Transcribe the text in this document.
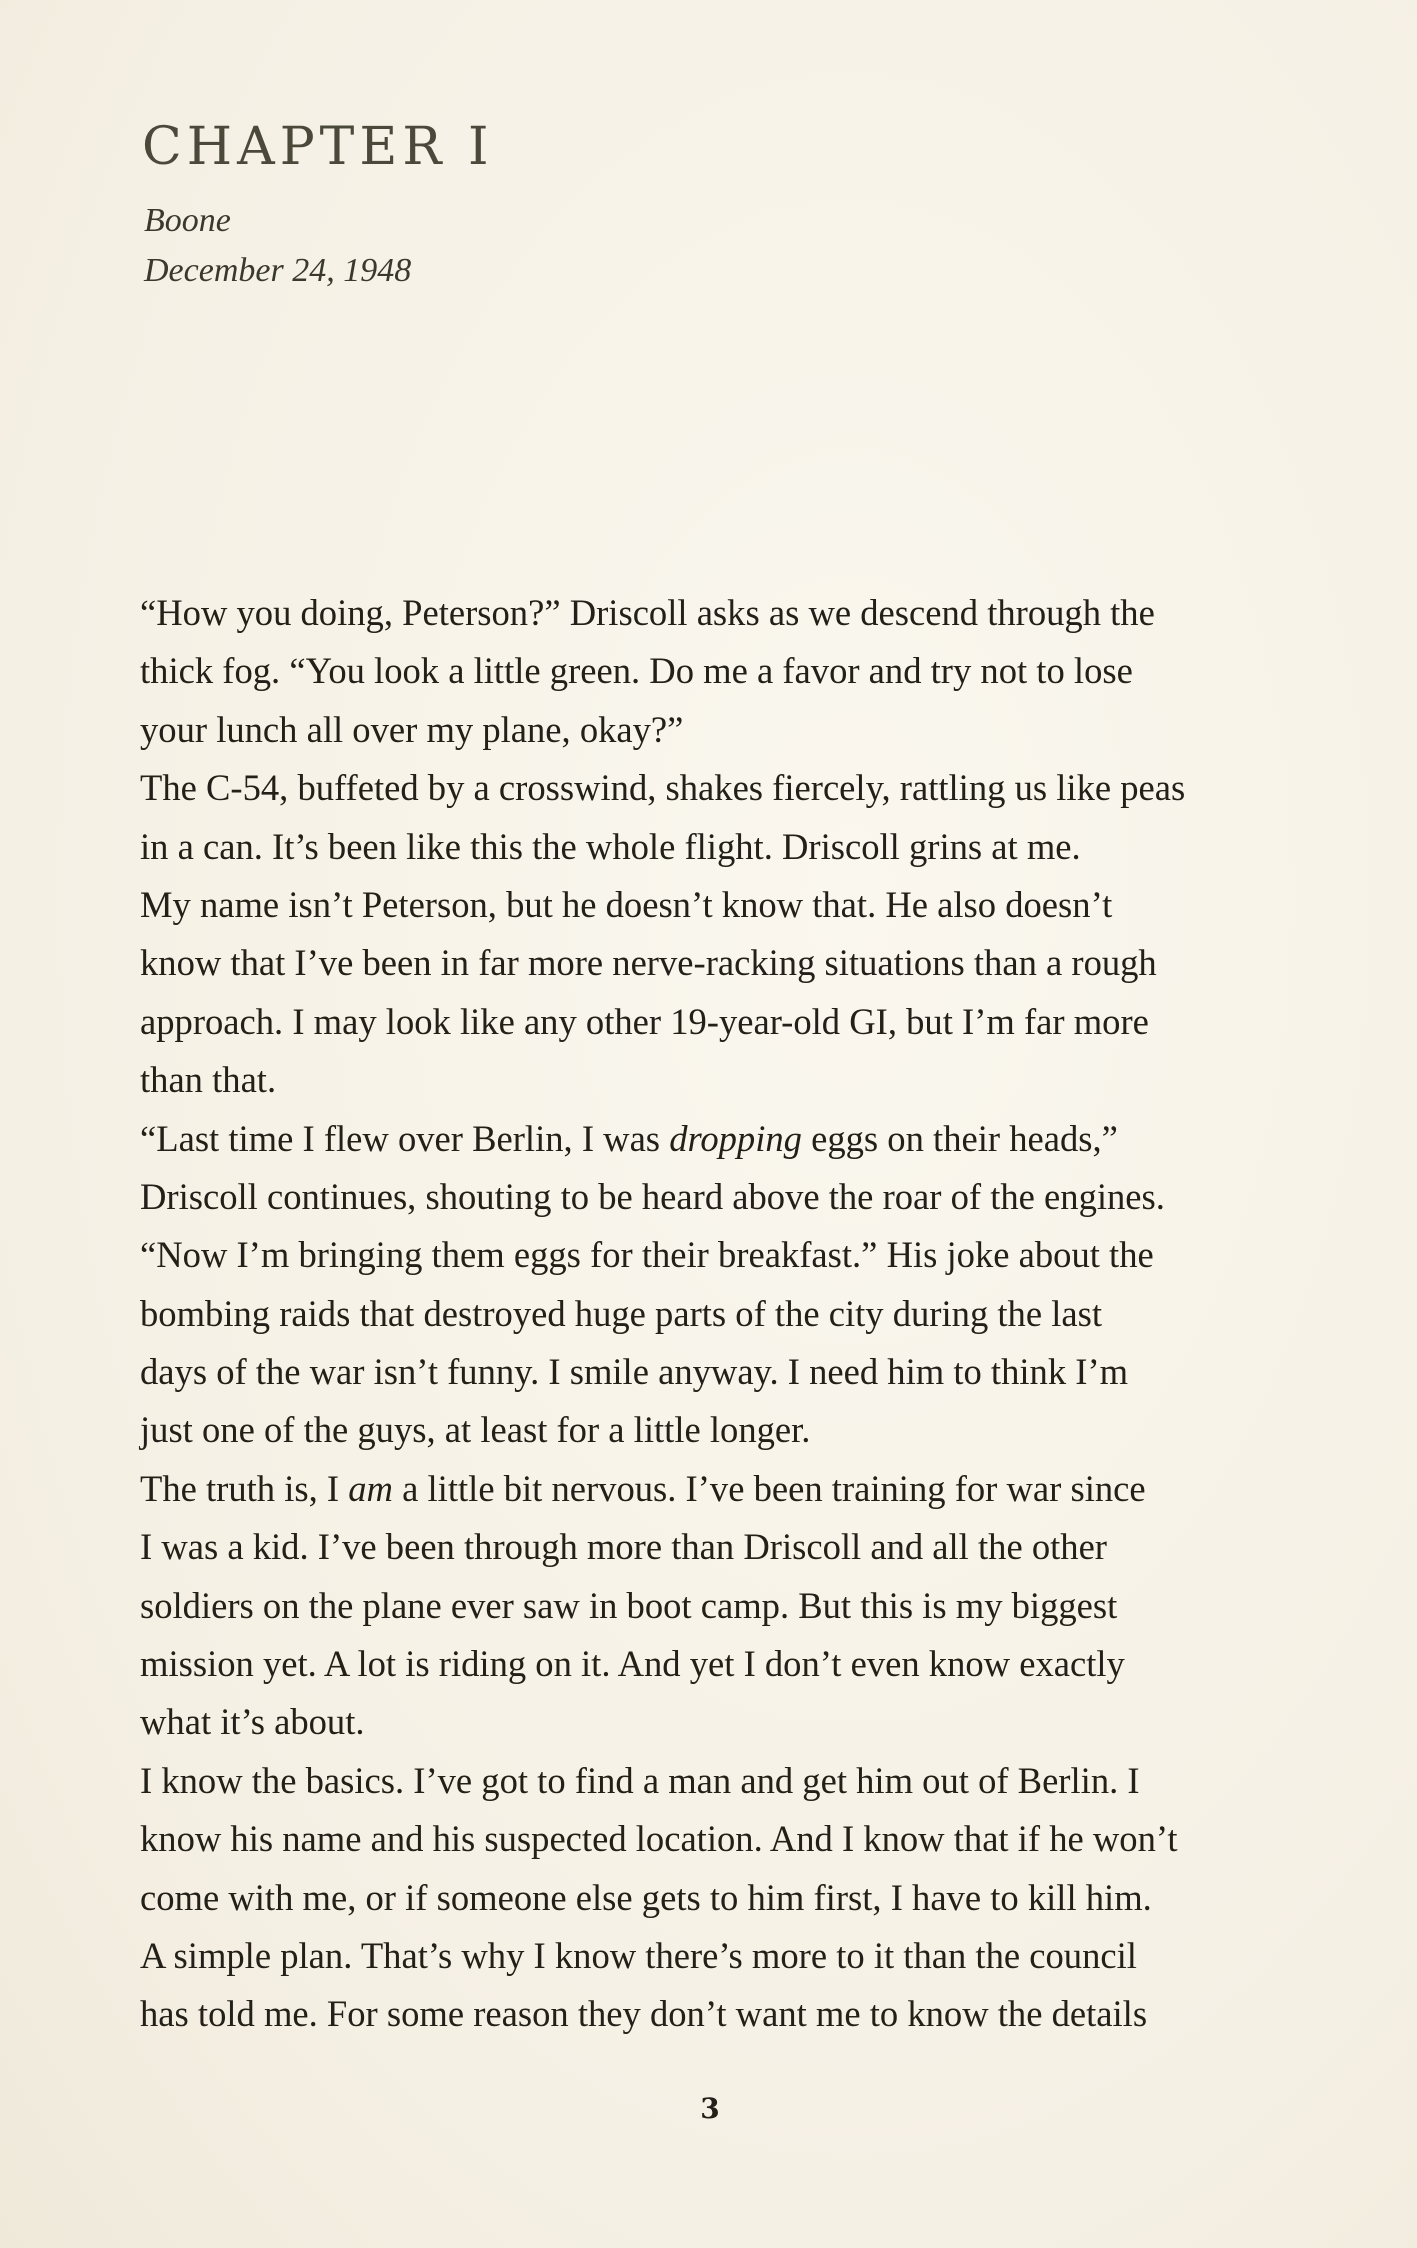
CHAPTER I
Boone
December 24, 1948
“How you doing, Peterson?” Driscoll asks as we descend through the
thick fog. “You look a little green. Do me a favor and try not to lose
your lunch all over my plane, okay?”
The C-54, buffeted by a crosswind, shakes fiercely, rattling us like peas
in a can. It’s been like this the whole flight. Driscoll grins at me.
My name isn’t Peterson, but he doesn’t know that. He also doesn’t
know that I’ve been in far more nerve-racking situations than a rough
approach. I may look like any other 19-year-old GI, but I’m far more
than that.
“Last time I flew over Berlin, I was dropping eggs on their heads,”
Driscoll continues, shouting to be heard above the roar of the engines.
“Now I’m bringing them eggs for their breakfast.” His joke about the
bombing raids that destroyed huge parts of the city during the last
days of the war isn’t funny. I smile anyway. I need him to think I’m
just one of the guys, at least for a little longer.
The truth is, I am a little bit nervous. I’ve been training for war since
I was a kid. I’ve been through more than Driscoll and all the other
soldiers on the plane ever saw in boot camp. But this is my biggest
mission yet. A lot is riding on it. And yet I don’t even know exactly
what it’s about.
I know the basics. I’ve got to find a man and get him out of Berlin. I
know his name and his suspected location. And I know that if he won’t
come with me, or if someone else gets to him first, I have to kill him.
A simple plan. That’s why I know there’s more to it than the council
has told me. For some reason they don’t want me to know the details
3
